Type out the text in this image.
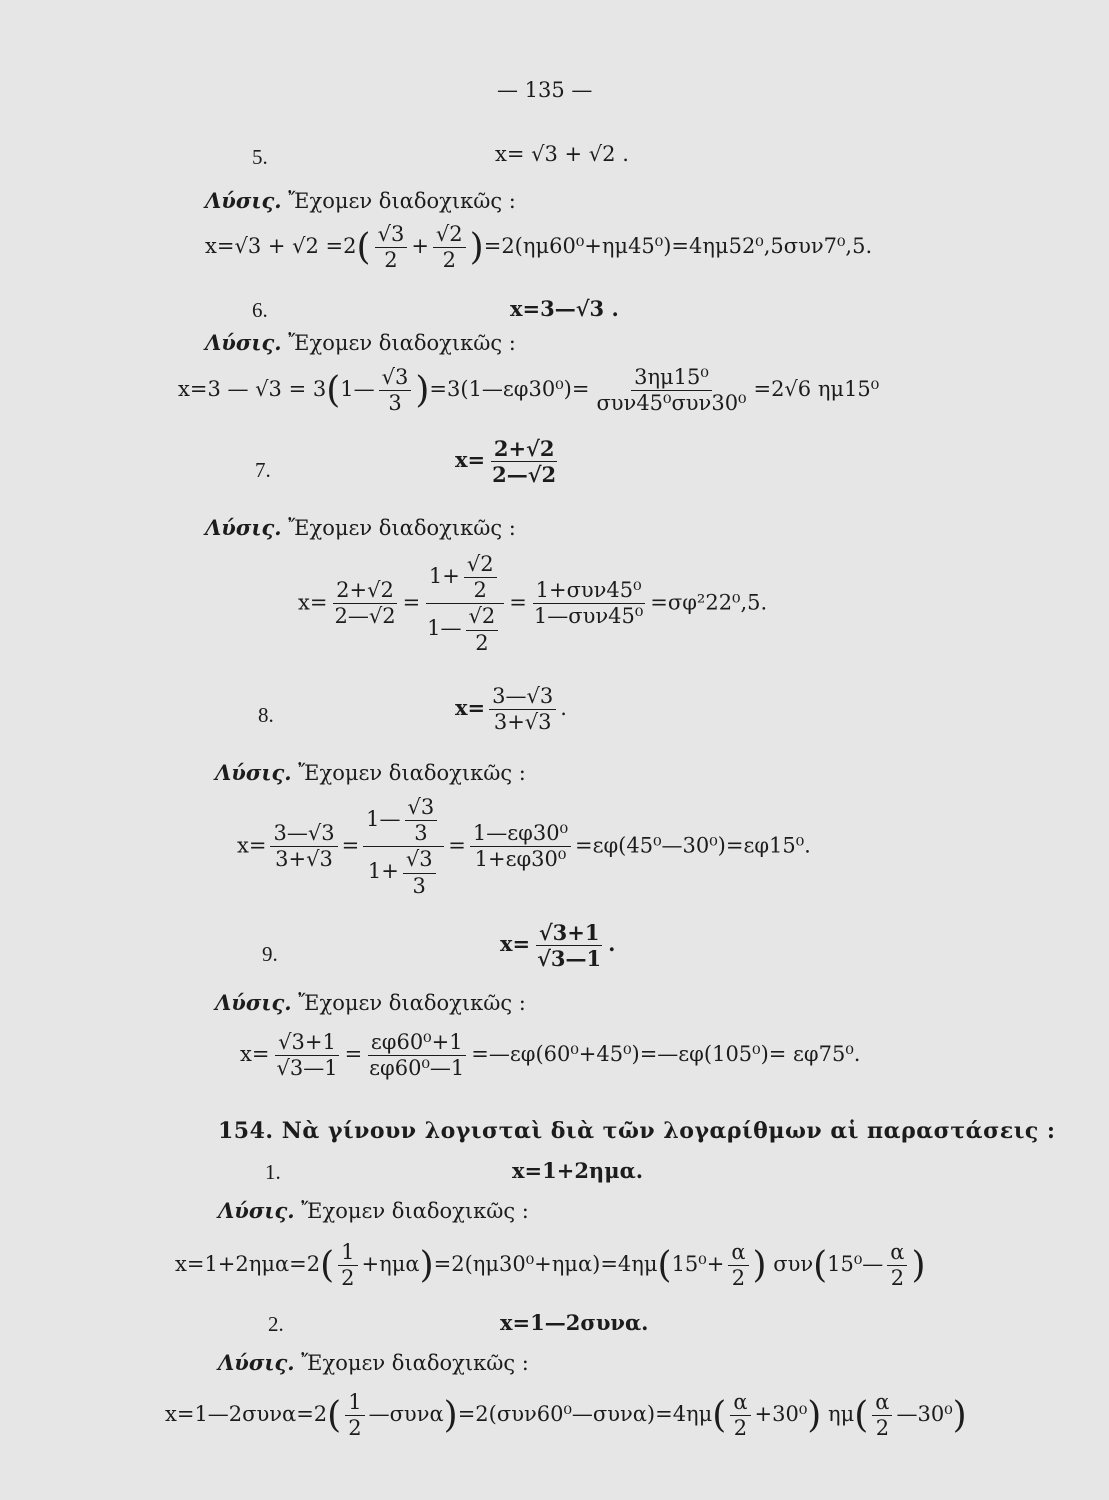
— 135 —
5.	x= √3 + √2 .
Λύσις. Ἔχομεν διαδοχικῶς :
$x=√3 + √2 =2( \frac{√3}{2} + \frac{√2}{2} )=2(\eta\mu 60^0+\eta\mu 45^0)=4\eta\mu 52^0,5\sigma\upsilon\nu 7^0,5$.
6.	x=3—√3 .
Λύσις. Ἔχομεν διαδοχικῶς :
x=3 — √3 = 3(1— $\frac{√3}{3}$ )=3(1—εφ30⁰)= $\frac{\text{3ημ15⁰}}{\text{συν45⁰συν30⁰}} =2√6$ ημ15⁰
7.	$x= \frac{2+√2}{2—√2}$
Λύσις. Ἔχομεν διαδοχικῶς :
$x= \frac{2+√2}{2—√2} = \frac{1+ \frac{√2}{2}}{1— \frac{√2}{2}} = \frac{\text{1+συν45⁰}}{\text{1—συν45⁰}} =\sigma\varphi^222^0,5$.
8.	$x= \frac{3—√3}{3+√3}$ .
Λύσις. Ἔχομεν διαδοχικῶς :
$x= \frac{3—√3}{3+√3} = \frac{1— \frac{√3}{3}}{1+ \frac{√3}{3}} = \frac{\text{1—εφ30⁰}}{\text{1+εφ30⁰}}$ =εφ(45⁰—30⁰)=εφ15⁰.
9.	$x= \frac{√3+1}{√3—1}$ .
Λύσις. Ἔχομεν διαδοχικῶς :
$x= \frac{√3+1}{√3—1} = \frac{\text{εφ60⁰+1}}{\text{εφ60⁰—1}}$ =—εφ(60⁰+45⁰)=—εφ(105⁰)= εφ75⁰.
154. Νὰ γίνουν λογισταὶ διὰ τῶν λογαρίθμων αἱ παραστάσεις :
1.	x=1+2ημα.
Λύσις. Ἔχομεν διαδοχικῶς :
$x=1+2\eta\mu\alpha=2( \frac{1}{2} +\eta\mu\alpha)=2(\eta\mu 30^0+\eta\mu\alpha)=4\eta\mu(15^0+ \frac{\alpha}{2}$ ) συν(15⁰— $\frac{\alpha}{2}$ )
2.	x=1—2συνα.
Λύσις. Ἔχομεν διαδοχικῶς :
x=1—2συνα=2( $\frac{1}{2}$ —συνα)=2(συν60⁰—συνα)=4ημ( $\frac{\alpha}{2} +30^0$) $\eta\mu( \frac{\alpha}{2}$ —30⁰)
